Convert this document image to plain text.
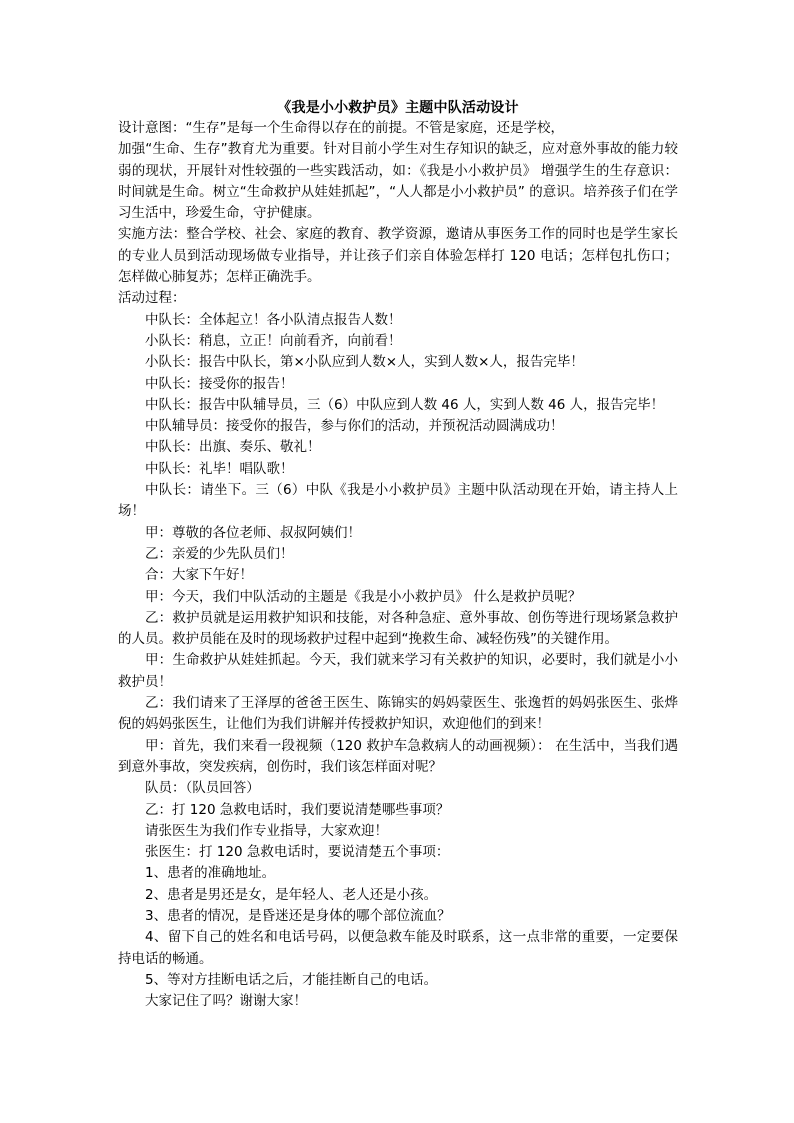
《我是小小救护员》主题中队活动设计

设计意图：“生存”是每一个生命得以存在的前提。不管是家庭，还是学校，

加强“生命、生存”教育尤为重要。针对目前小学生对生存知识的缺乏，应对意外事故的能力较弱的现状，开展针对性较强的一些实践活动，如：《我是小小救护员》 增强学生的生存意识：时间就是生命。树立“生命救护从娃娃抓起”，“人人都是小小救护员” 的意识。培养孩子们在学习生活中，珍爱生命，守护健康。

实施方法：整合学校、社会、家庭的教育、教学资源，邀请从事医务工作的同时也是学生家长的专业人员到活动现场做专业指导，并让孩子们亲自体验怎样打 120 电话；怎样包扎伤口；怎样做心肺复苏；怎样正确洗手。

活动过程：

中队长：全体起立！各小队清点报告人数！

小队长：稍息，立正！向前看齐，向前看！

小队长：报告中队长，第×小队应到人数×人，实到人数×人，报告完毕！

中队长：接受你的报告！

中队长：报告中队辅导员，三（6）中队应到人数 46 人，实到人数 46 人，报告完毕！

中队辅导员：接受你的报告，参与你们的活动，并预祝活动圆满成功！

中队长：出旗、奏乐、敬礼！

中队长：礼毕！唱队歌！

中队长：请坐下。三（6）中队《我是小小救护员》主题中队活动现在开始，请主持人上场！

甲：尊敬的各位老师、叔叔阿姨们！

乙：亲爱的少先队员们！

合：大家下午好！

甲：今天，我们中队活动的主题是《我是小小救护员》 什么是救护员呢？

乙：救护员就是运用救护知识和技能，对各种急症、意外事故、创伤等进行现场紧急救护的人员。救护员能在及时的现场救护过程中起到“挽救生命、减轻伤残”的关键作用。

甲：生命救护从娃娃抓起。今天，我们就来学习有关救护的知识，必要时，我们就是小小救护员！

乙：我们请来了王泽厚的爸爸王医生、陈锦实的妈妈蒙医生、张逸哲的妈妈张医生、张烨倪的妈妈张医生，让他们为我们讲解并传授救护知识，欢迎他们的到来！

甲：首先，我们来看一段视频（120 救护车急救病人的动画视频）： 在生活中，当我们遇到意外事故，突发疾病，创伤时，我们该怎样面对呢？

队员：（队员回答）

乙：打 120 急救电话时，我们要说清楚哪些事项？

请张医生为我们作专业指导，大家欢迎！

张医生：打 120 急救电话时，要说清楚五个事项：

1、患者的准确地址。

2、患者是男还是女，是年轻人、老人还是小孩。

3、患者的情况，是昏迷还是身体的哪个部位流血？

4、留下自己的姓名和电话号码，以便急救车能及时联系，这一点非常的重要，一定要保持电话的畅通。

5、等对方挂断电话之后，才能挂断自己的电话。

大家记住了吗？谢谢大家！
